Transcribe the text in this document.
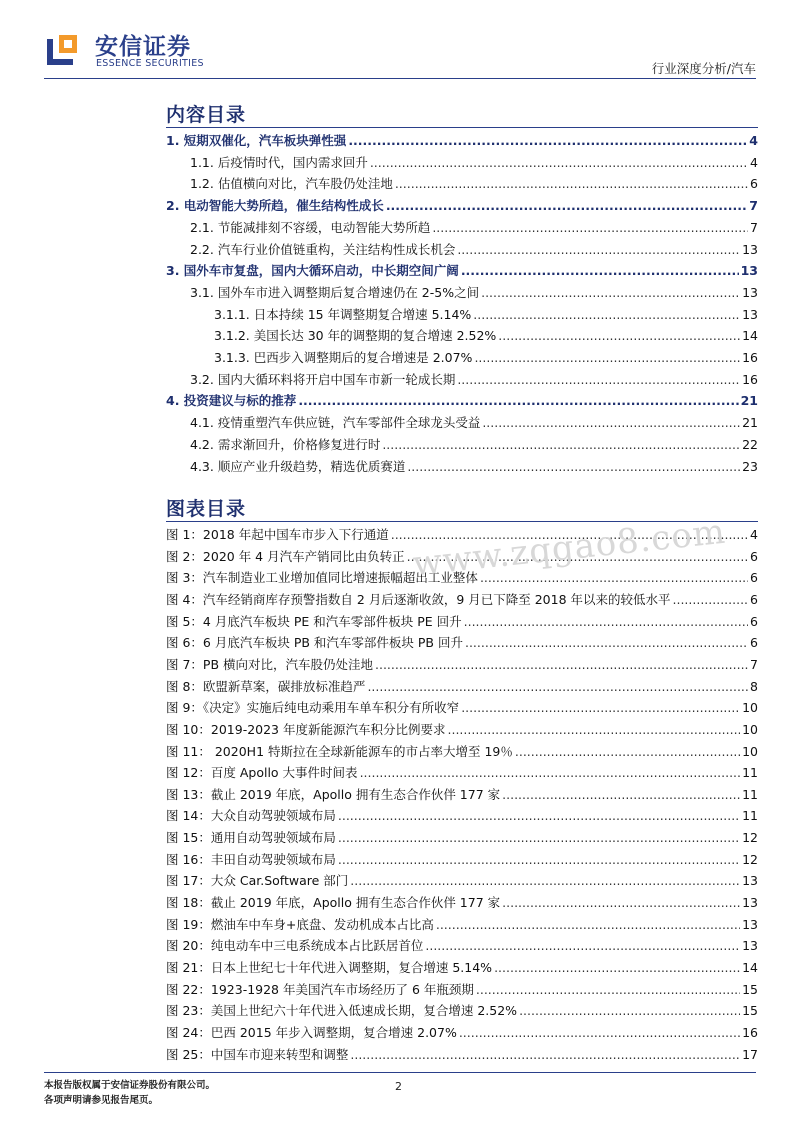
安信证券
ESSENCE SECURITIES	行业深度分析/汽车
内容目录
1. 短期双催化，汽车板块弹性强 .....	4
1.1. 后疫情时代，国内需求回升 .....	4
1.2. 估值横向对比，汽车股仍处洼地 .....	6
2. 电动智能大势所趋，催生结构性成长 .....	7
2.1. 节能减排刻不容缓，电动智能大势所趋 .....	7
2.2. 汽车行业价值链重构，关注结构性成长机会 .....	13
3. 国外车市复盘，国内大循环启动，中长期空间广阔 .....	13
3.1. 国外车市进入调整期后复合增速仍在 2-5%之间 .....	13
3.1.1. 日本持续 15 年调整期复合增速 5.14% .....	13
3.1.2. 美国长达 30 年的调整期的复合增速 2.52% .....	14
3.1.3. 巴西步入调整期后的复合增速是 2.07% .....	16
3.2. 国内大循环料将开启中国车市新一轮成长期 .....	16
4. 投资建议与标的推荐 .....	21
4.1. 疫情重塑汽车供应链，汽车零部件全球龙头受益 .....	21
4.2. 需求渐回升，价格修复进行时 .....	22
4.3. 顺应产业升级趋势，精选优质赛道 .....	23
图表目录
图 1：2018 年起中国车市步入下行通道 .....	4
图 2：2020 年 4 月汽车产销同比由负转正 .....	6
图 3：汽车制造业工业增加值同比增速振幅超出工业整体 .....	6
图 4：汽车经销商库存预警指数自 2 月后逐渐收敛，9 月已下降至 2018 年以来的较低水平 .....	6
图 5：4 月底汽车板块 PE 和汽车零部件板块 PE 回升 .....	6
图 6：6 月底汽车板块 PB 和汽车零部件板块 PB 回升 .....	6
图 7：PB 横向对比，汽车股仍处洼地 .....	7
图 8：欧盟新草案，碳排放标准趋严 .....	8
图 9：《决定》实施后纯电动乘用车单车积分有所收窄 .....	10
图 10：2019-2023 年度新能源汽车积分比例要求 .....	10
图 11： 2020H1 特斯拉在全球新能源车的市占率大增至 19％ .....	10
图 12：百度 Apollo 大事件时间表 .....	11
图 13：截止 2019 年底，Apollo 拥有生态合作伙伴 177 家 .....	11
图 14：大众自动驾驶领域布局 .....	11
图 15：通用自动驾驶领域布局 .....	12
图 16：丰田自动驾驶领域布局 .....	12
图 17：大众 Car.Software 部门 .....	13
图 18：截止 2019 年底，Apollo 拥有生态合作伙伴 177 家 .....	13
图 19：燃油车中车身+底盘、发动机成本占比高 .....	13
图 20：纯电动车中三电系统成本占比跃居首位 .....	13
图 21：日本上世纪七十年代进入调整期，复合增速 5.14% .....	14
图 22：1923-1928 年美国汽车市场经历了 6 年瓶颈期 .....	15
图 23：美国上世纪六十年代进入低速成长期，复合增速 2.52% .....	15
图 24：巴西 2015 年步入调整期，复合增速 2.07% .....	16
图 25：中国车市迎来转型和调整 .....	17
www.zqgao8.com
本报告版权属于安信证券股份有限公司。
各项声明请参见报告尾页。
2
